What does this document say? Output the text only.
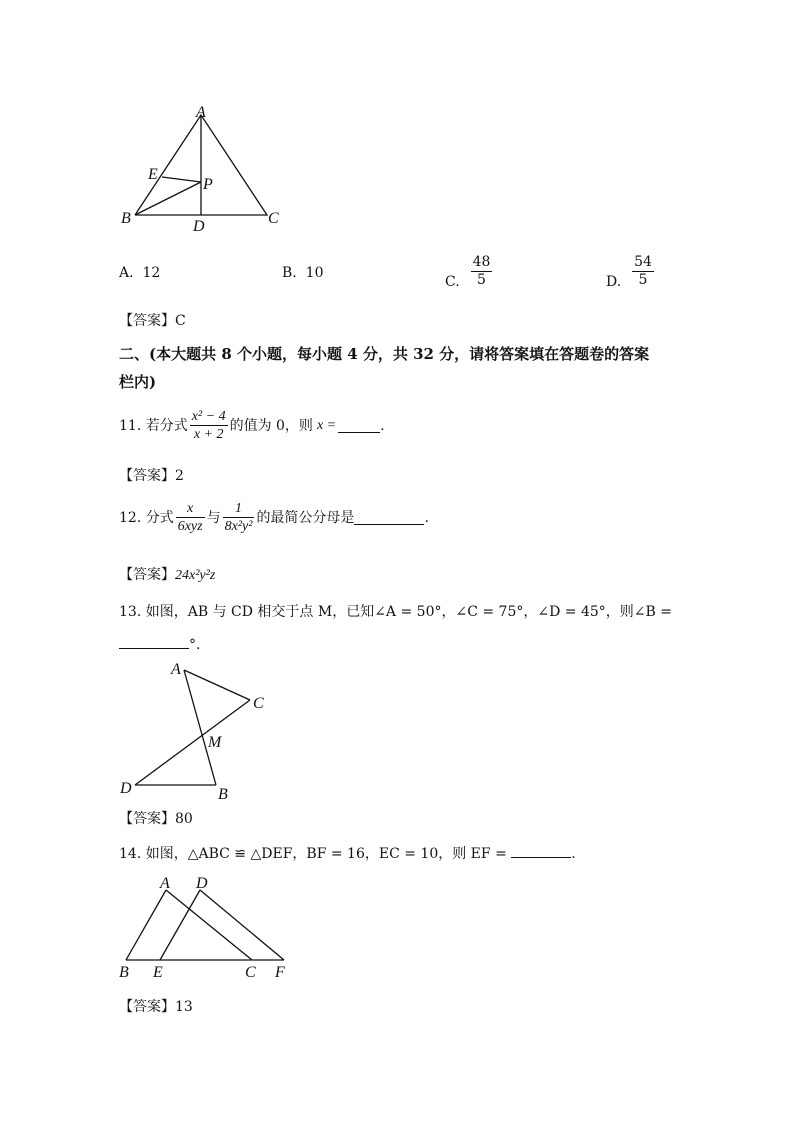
A
E
P
B	D	C
A. 12	B. 10
C. $\frac{48}{5}$	D. $\frac{54}{5}$
【答案】C
二、(本大题共 8 个小题，每小题 4 分，共 32 分，请将答案填在答题卷的答案
栏内)
11.
若分式 $\frac{\text{x² − 4}}{x + 2}$ 的值为 0，则 x =	.
【答案】2
12.
分式 $\frac{x}{\text{6xyz}}$ 与 $\frac{1}{\text{8x²y²}}$ 的最简公分母是	.
【答案】24x²y²z
13. 如图，AB 与 CD 相交于点 M，已知∠A = 50°，∠C = 75°，∠D = 45°，则∠B =
°.
A
C
M
D	B
【答案】80
14. 如图，△ABC ≌ △DEF，BF = 16，EC = 10，则 EF =	.
A D
B E	C F
【答案】13
